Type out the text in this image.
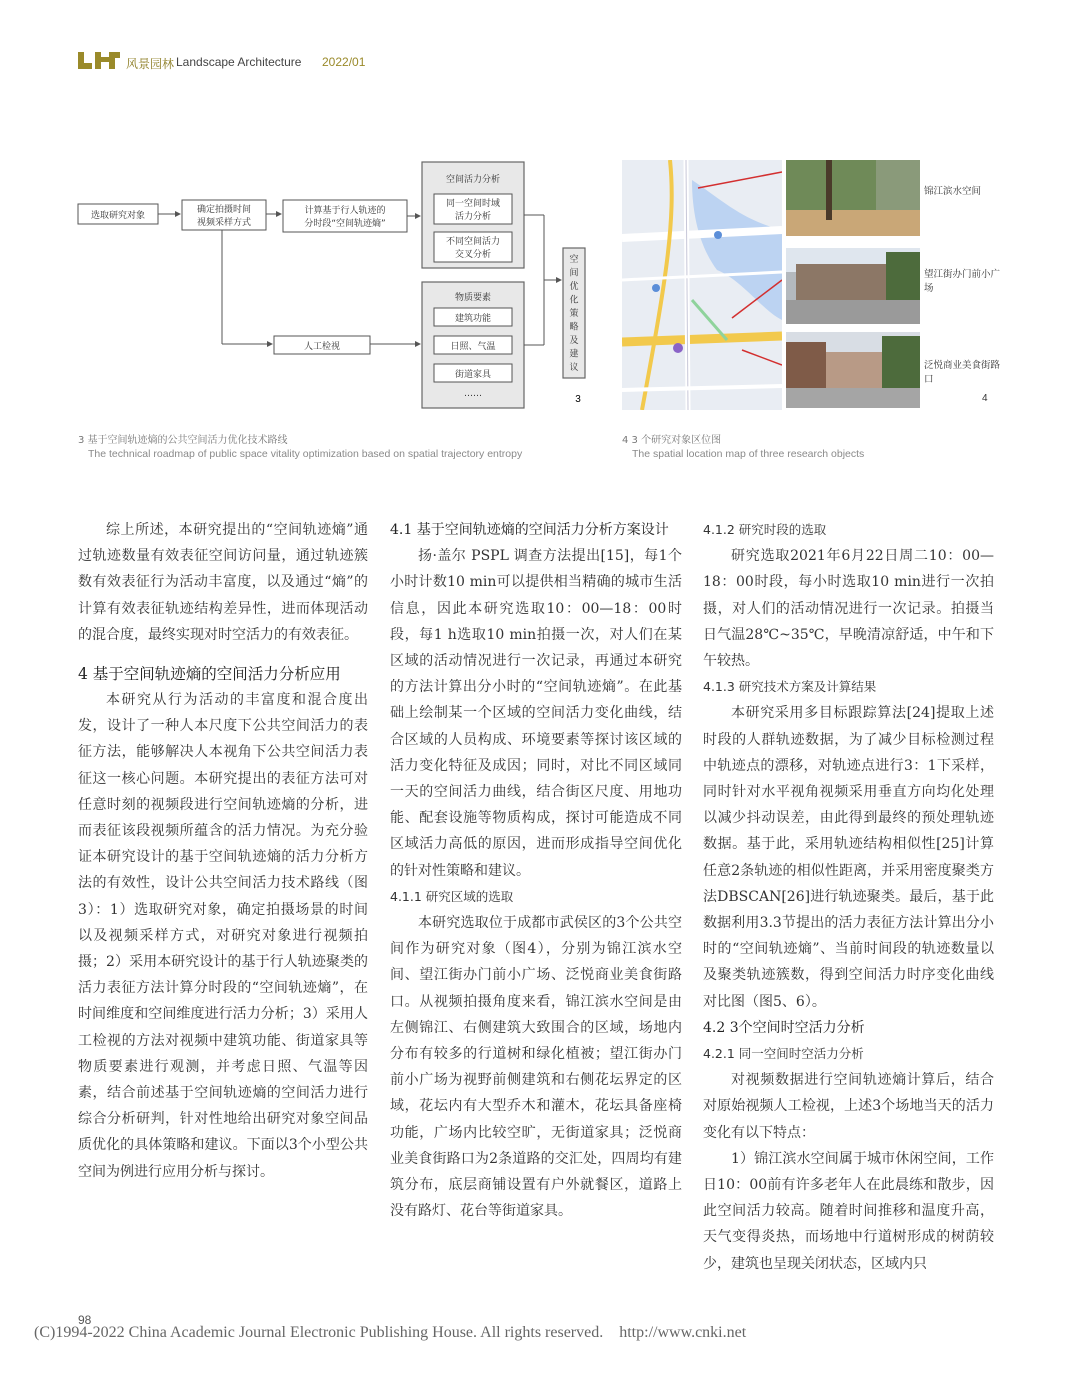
风景园林 Landscape Architecture 2022/01
选取研究对象
确定拍摄时间
视频采样方式
计算基于行人轨迹的
分时段“空间轨迹熵”
空间活力分析
同一空间时域
活力分析
不同空间活力
交叉分析
物质要素
建筑功能
日照、气温
街道家具
……
人工检视
空
间
优
化
策
略
及
建
议
3
锦江滨水空间
望江街办门前小广场
泛悦商业美食街路口
4
3 基于空间轨迹熵的公共空间活力优化技术路线
The technical roadmap of public space vitality optimization based on spatial trajectory entropy
4 3 个研究对象区位图
The spatial location map of three research objects

综上所述，本研究提出的“空间轨迹熵”通过轨迹数量有效表征空间访问量，通过轨迹簇数有效表征行为活动丰富度，以及通过“熵”的计算有效表征轨迹结构差异性，进而体现活动的混合度，最终实现对时空活力的有效表征。

4 基于空间轨迹熵的空间活力分析应用

本研究从行为活动的丰富度和混合度出发，设计了一种人本尺度下公共空间活力的表征方法，能够解决人本视角下公共空间活力表征这一核心问题。本研究提出的表征方法可对任意时刻的视频段进行空间轨迹熵的分析，进而表征该段视频所蕴含的活力情况。为充分验证本研究设计的基于空间轨迹熵的活力分析方法的有效性，设计公共空间活力技术路线（图3）：1）选取研究对象，确定拍摄场景的时间以及视频采样方式，对研究对象进行视频拍摄；2）采用本研究设计的基于行人轨迹聚类的活力表征方法计算分时段的“空间轨迹熵”，在时间维度和空间维度进行活力分析；3）采用人工检视的方法对视频中建筑功能、街道家具等物质要素进行观测，并考虑日照、气温等因素，结合前述基于空间轨迹熵的空间活力进行综合分析研判，针对性地给出研究对象空间品质优化的具体策略和建议。下面以3个小型公共空间为例进行应用分析与探讨。

4.1 基于空间轨迹熵的空间活力分析方案设计

扬·盖尔 PSPL 调查方法提出[15]，每1个小时计数10 min可以提供相当精确的城市生活信息，因此本研究选取10：00—18：00时段，每1 h选取10 min拍摄一次，对人们在某区域的活动情况进行一次记录，再通过本研究的方法计算出分小时的“空间轨迹熵”。在此基础上绘制某一个区域的空间活力变化曲线，结合区域的人员构成、环境要素等探讨该区域的活力变化特征及成因；同时，对比不同区域同一天的空间活力曲线，结合街区尺度、用地功能、配套设施等物质构成，探讨可能造成不同区域活力高低的原因，进而形成指导空间优化的针对性策略和建议。

4.1.1 研究区域的选取

本研究选取位于成都市武侯区的3个公共空间作为研究对象（图4），分别为锦江滨水空间、望江街办门前小广场、泛悦商业美食街路口。从视频拍摄角度来看，锦江滨水空间是由左侧锦江、右侧建筑大致围合的区域，场地内分布有较多的行道树和绿化植被；望江街办门前小广场为视野前侧建筑和右侧花坛界定的区域，花坛内有大型乔木和灌木，花坛具备座椅功能，广场内比较空旷，无街道家具；泛悦商业美食街路口为2条道路的交汇处，四周均有建筑分布，底层商铺设置有户外就餐区，道路上没有路灯、花台等街道家具。

4.1.2 研究时段的选取

研究选取2021年6月22日周二10：00—18：00时段，每小时选取10 min进行一次拍摄，对人们的活动情况进行一次记录。拍摄当日气温28℃~35℃，早晚清凉舒适，中午和下午较热。

4.1.3 研究技术方案及计算结果

本研究采用多目标跟踪算法[24]提取上述时段的人群轨迹数据，为了减少目标检测过程中轨迹点的漂移，对轨迹点进行3：1下采样，同时针对水平视角视频采用垂直方向均化处理以减少抖动误差，由此得到最终的预处理轨迹数据。基于此，采用轨迹结构相似性[25]计算任意2条轨迹的相似性距离，并采用密度聚类方法DBSCAN[26]进行轨迹聚类。最后，基于此数据利用3.3节提出的活力表征方法计算出分小时的“空间轨迹熵”、当前时间段的轨迹数量以及聚类轨迹簇数，得到空间活力时序变化曲线对比图（图5、6）。

4.2 3个空间时空活力分析
4.2.1 同一空间时空活力分析

对视频数据进行空间轨迹熵计算后，结合对原始视频人工检视，上述3个场地当天的活力变化有以下特点：

1）锦江滨水空间属于城市休闲空间，工作日10：00前有许多老年人在此晨练和散步，因此空间活力较高。随着时间推移和温度升高，天气变得炎热，而场地中行道树形成的树荫较少，建筑也呈现关闭状态，区域内只

98
(C)1994-2022 China Academic Journal Electronic Publishing House. All rights reserved.    http://www.cnki.net
